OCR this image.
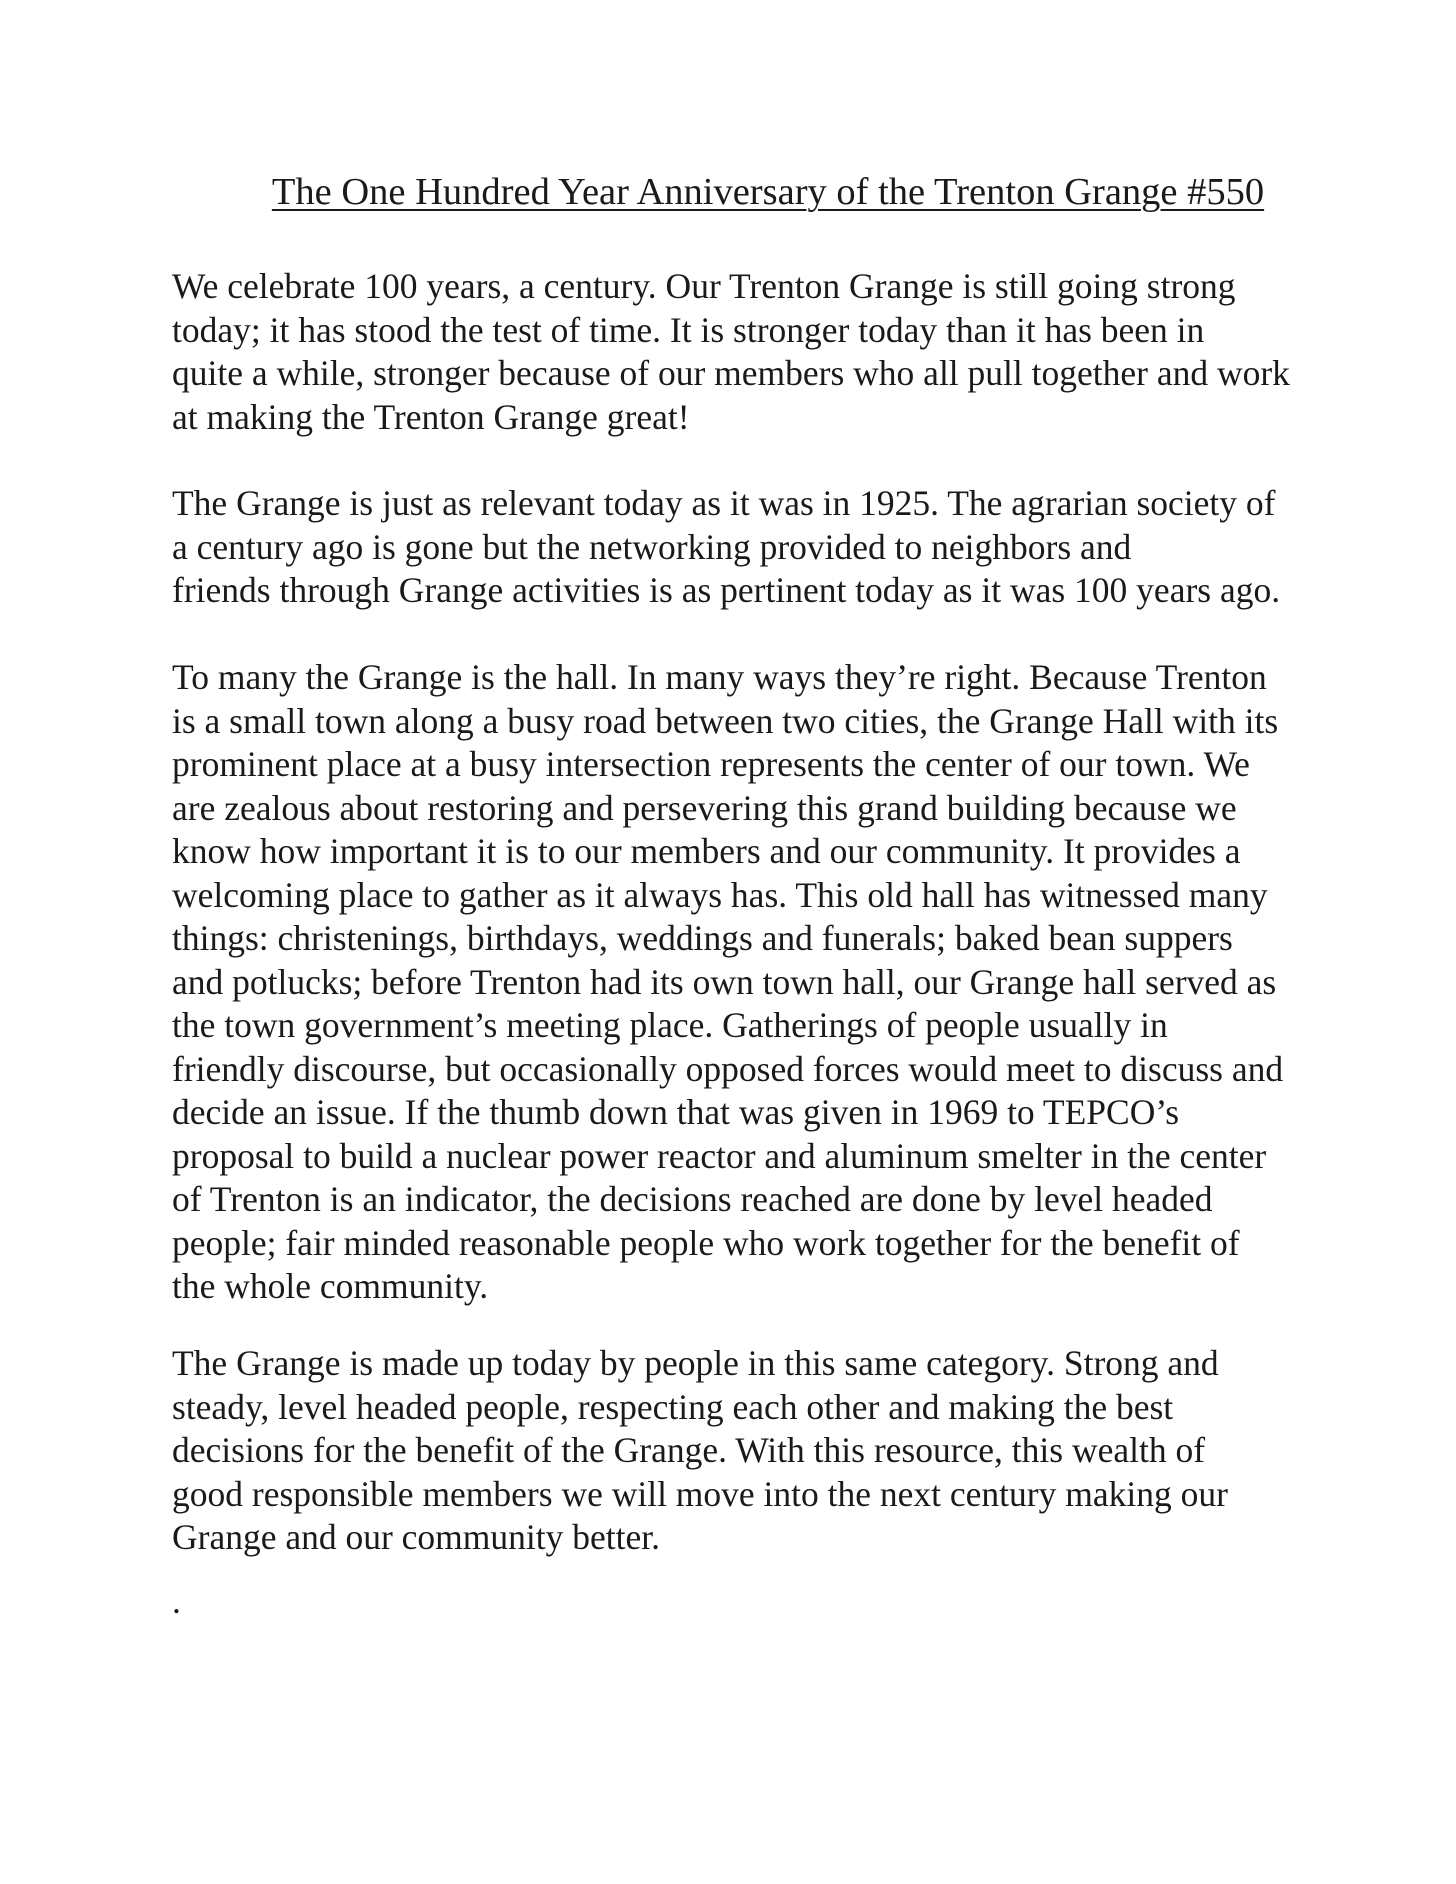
The One Hundred Year Anniversary of the Trenton Grange #550

We celebrate 100 years, a century. Our Trenton Grange is still going strong
today; it has stood the test of time. It is stronger today than it has been in
quite a while, stronger because of our members who all pull together and work
at making the Trenton Grange great!

The Grange is just as relevant today as it was in 1925. The agrarian society of
a century ago is gone but the networking provided to neighbors and
friends through Grange activities is as pertinent today as it was 100 years ago.

To many the Grange is the hall. In many ways they’re right. Because Trenton
is a small town along a busy road between two cities, the Grange Hall with its
prominent place at a busy intersection represents the center of our town. We
are zealous about restoring and persevering this grand building because we
know how important it is to our members and our community. It provides a
welcoming place to gather as it always has. This old hall has witnessed many
things: christenings, birthdays, weddings and funerals; baked bean suppers
and potlucks; before Trenton had its own town hall, our Grange hall served as
the town government’s meeting place. Gatherings of people usually in
friendly discourse, but occasionally opposed forces would meet to discuss and
decide an issue. If the thumb down that was given in 1969 to TEPCO’s
proposal to build a nuclear power reactor and aluminum smelter in the center
of Trenton is an indicator, the decisions reached are done by level headed
people; fair minded reasonable people who work together for the benefit of
the whole community.

The Grange is made up today by people in this same category. Strong and
steady, level headed people, respecting each other and making the best
decisions for the benefit of the Grange. With this resource, this wealth of
good responsible members we will move into the next century making our
Grange and our community better.

.
